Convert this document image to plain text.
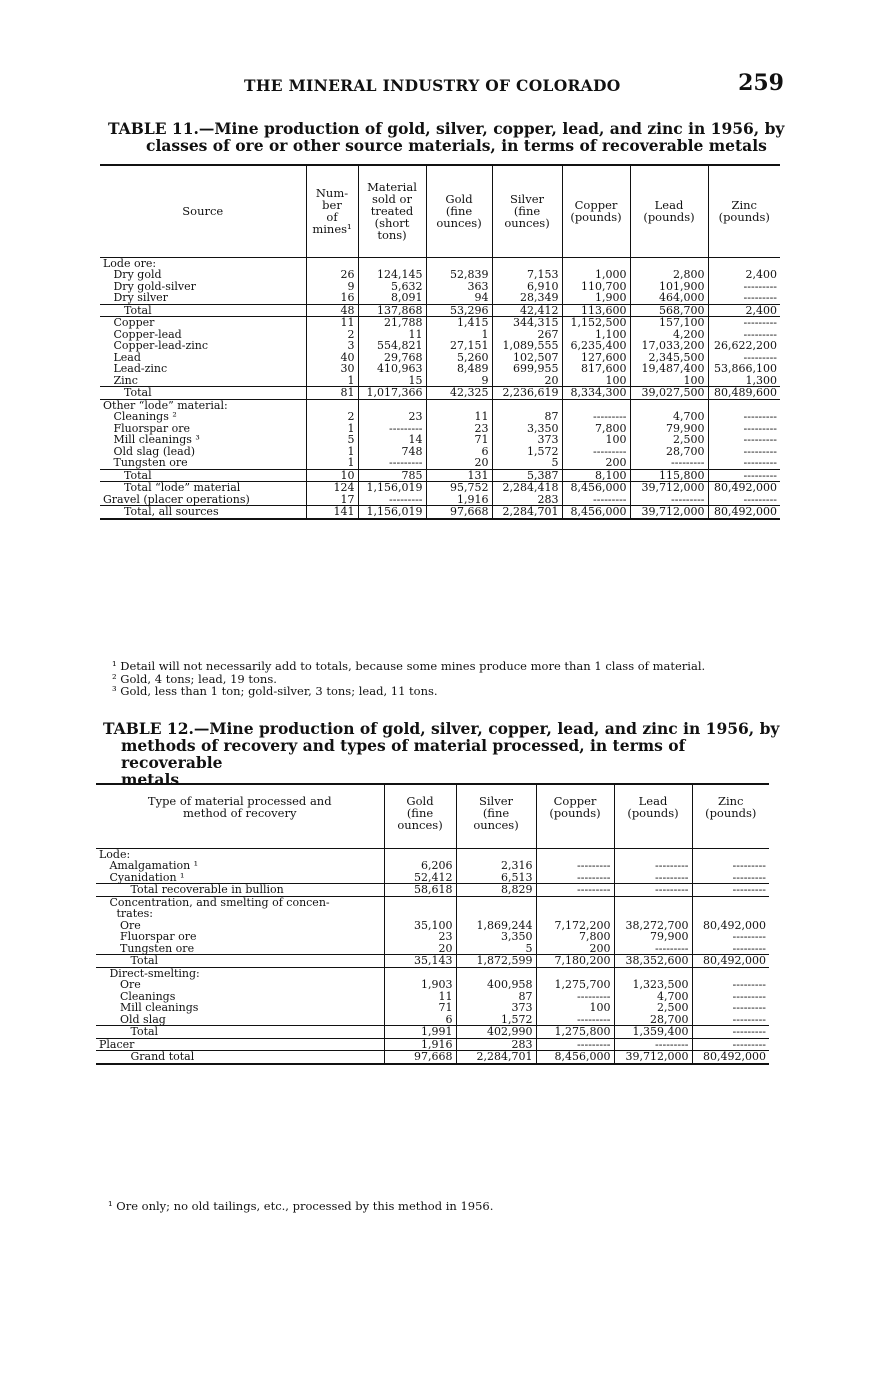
THE MINERAL INDUSTRY OF COLORADO	259
TABLE 11.—Mine production of gold, silver, copper, lead, and zinc in 1956, by
classes of ore or other source materials, in terms of recoverable metals
Source	Num-
ber
of
mines¹	Material
sold or
treated
(short
tons)	Gold
(fine
ounces)	Silver
(fine
ounces)	Copper
(pounds)	Lead
(pounds)	Zinc
(pounds)
Lode ore:							
Dry gold	26	124,145	52,839	7,153	1,000	2,800	2,400
Dry gold-silver	9	5,632	363	6,910	110,700	101,900	---------
Dry silver	16	8,091	94	28,349	1,900	464,000	---------
Total	48	137,868	53,296	42,412	113,600	568,700	2,400
Copper	11	21,788	1,415	344,315	1,152,500	157,100	---------
Copper-lead	2	11	1	267	1,100	4,200	---------
Copper-lead-zinc	3	554,821	27,151	1,089,555	6,235,400	17,033,200	26,622,200
Lead	40	29,768	5,260	102,507	127,600	2,345,500	---------
Lead-zinc	30	410,963	8,489	699,955	817,600	19,487,400	53,866,100
Zinc	1	15	9	20	100	100	1,300
Total	81	1,017,366	42,325	2,236,619	8,334,300	39,027,500	80,489,600
Other “lode” material:							
Cleanings ²	2	23	11	87	---------	4,700	---------
Fluorspar ore	1	---------	23	3,350	7,800	79,900	---------
Mill cleanings ³	5	14	71	373	100	2,500	---------
Old slag (lead)	1	748	6	1,572	---------	28,700	---------
Tungsten ore	1	---------	20	5	200	---------	---------
Total	10	785	131	5,387	8,100	115,800	---------
Total “lode” material	124	1,156,019	95,752	2,284,418	8,456,000	39,712,000	80,492,000
Gravel (placer operations)	17	---------	1,916	283	---------	---------	---------
Total, all sources	141	1,156,019	97,668	2,284,701	8,456,000	39,712,000	80,492,000
¹ Detail will not necessarily add to totals, because some mines produce more than 1 class of material.
² Gold, 4 tons; lead, 19 tons.
³ Gold, less than 1 ton; gold-silver, 3 tons; lead, 11 tons.
TABLE 12.—Mine production of gold, silver, copper, lead, and zinc in 1956, by
methods of recovery and types of material processed, in terms of recoverable
metals
Type of material processed and
method of recovery	Gold
(fine
ounces)	Silver
(fine
ounces)	Copper
(pounds)	Lead
(pounds)	Zinc
(pounds)
Lode:					
Amalgamation ¹	6,206	2,316	---------	---------	---------
Cyanidation ¹	52,412	6,513	---------	---------	---------
Total recoverable in bullion	58,618	8,829	---------	---------	---------
Concentration, and smelting of concen-
trates:					
Ore	35,100	1,869,244	7,172,200	38,272,700	80,492,000
Fluorspar ore	23	3,350	7,800	79,900	---------
Tungsten ore	20	5	200	---------	---------
Total	35,143	1,872,599	7,180,200	38,352,600	80,492,000
Direct-smelting:					
Ore	1,903	400,958	1,275,700	1,323,500	---------
Cleanings	11	87	---------	4,700	---------
Mill cleanings	71	373	100	2,500	---------
Old slag	6	1,572	---------	28,700	---------
Total	1,991	402,990	1,275,800	1,359,400	---------
Placer	1,916	283	---------	---------	---------
Grand total	97,668	2,284,701	8,456,000	39,712,000	80,492,000
¹ Ore only; no old tailings, etc., processed by this method in 1956.
